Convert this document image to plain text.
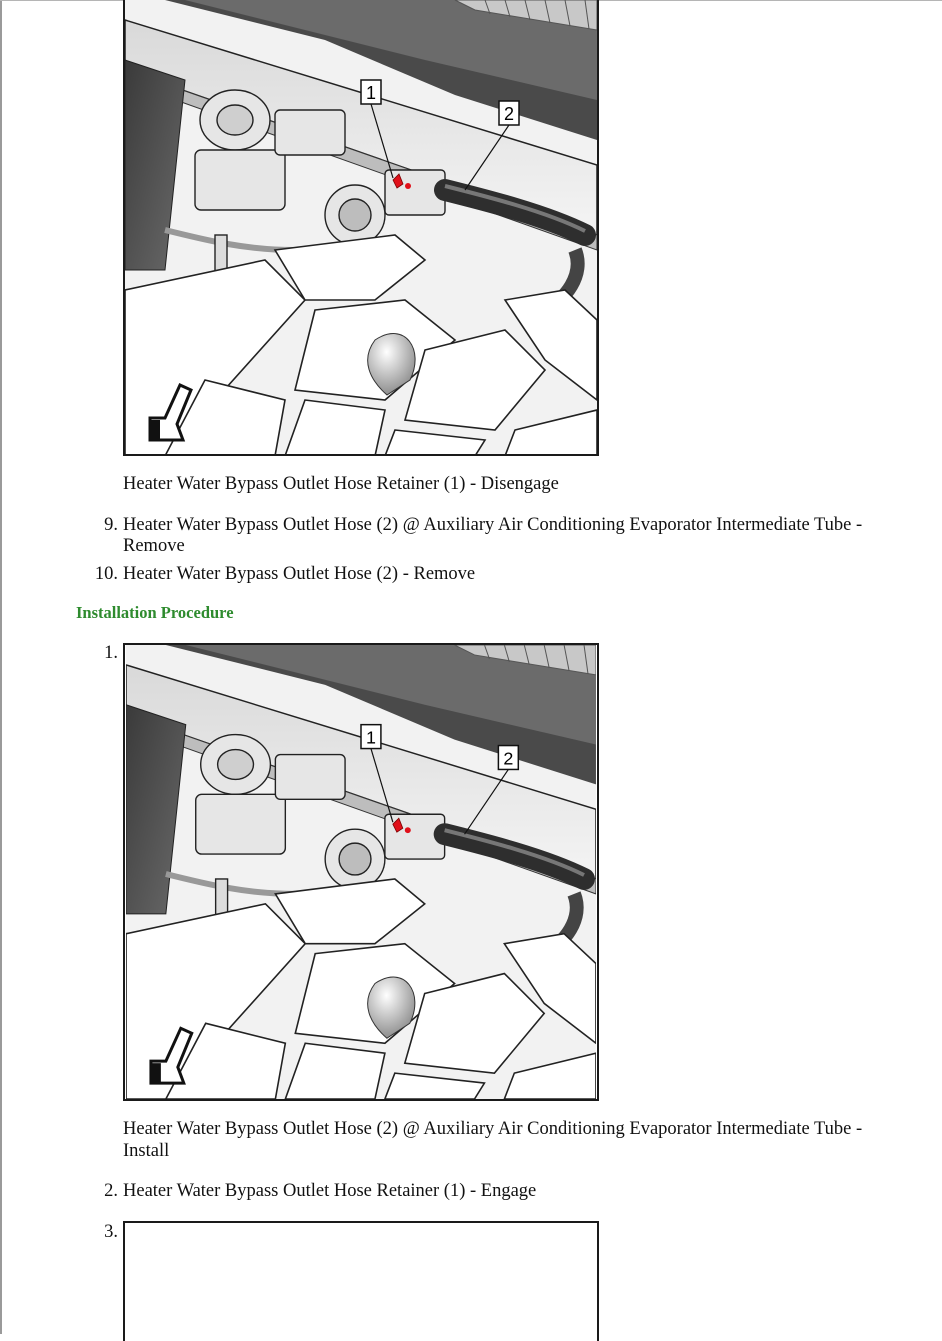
1
2
Heater Water Bypass Outlet Hose Retainer (1) - Disengage
9. Heater Water Bypass Outlet Hose (2) @ Auxiliary Air Conditioning Evaporator Intermediate Tube -
Remove
10. Heater Water Bypass Outlet Hose (2) - Remove
Installation Procedure
1.
1
2
Heater Water Bypass Outlet Hose (2) @ Auxiliary Air Conditioning Evaporator Intermediate Tube -
Install
2. Heater Water Bypass Outlet Hose Retainer (1) - Engage
3.
